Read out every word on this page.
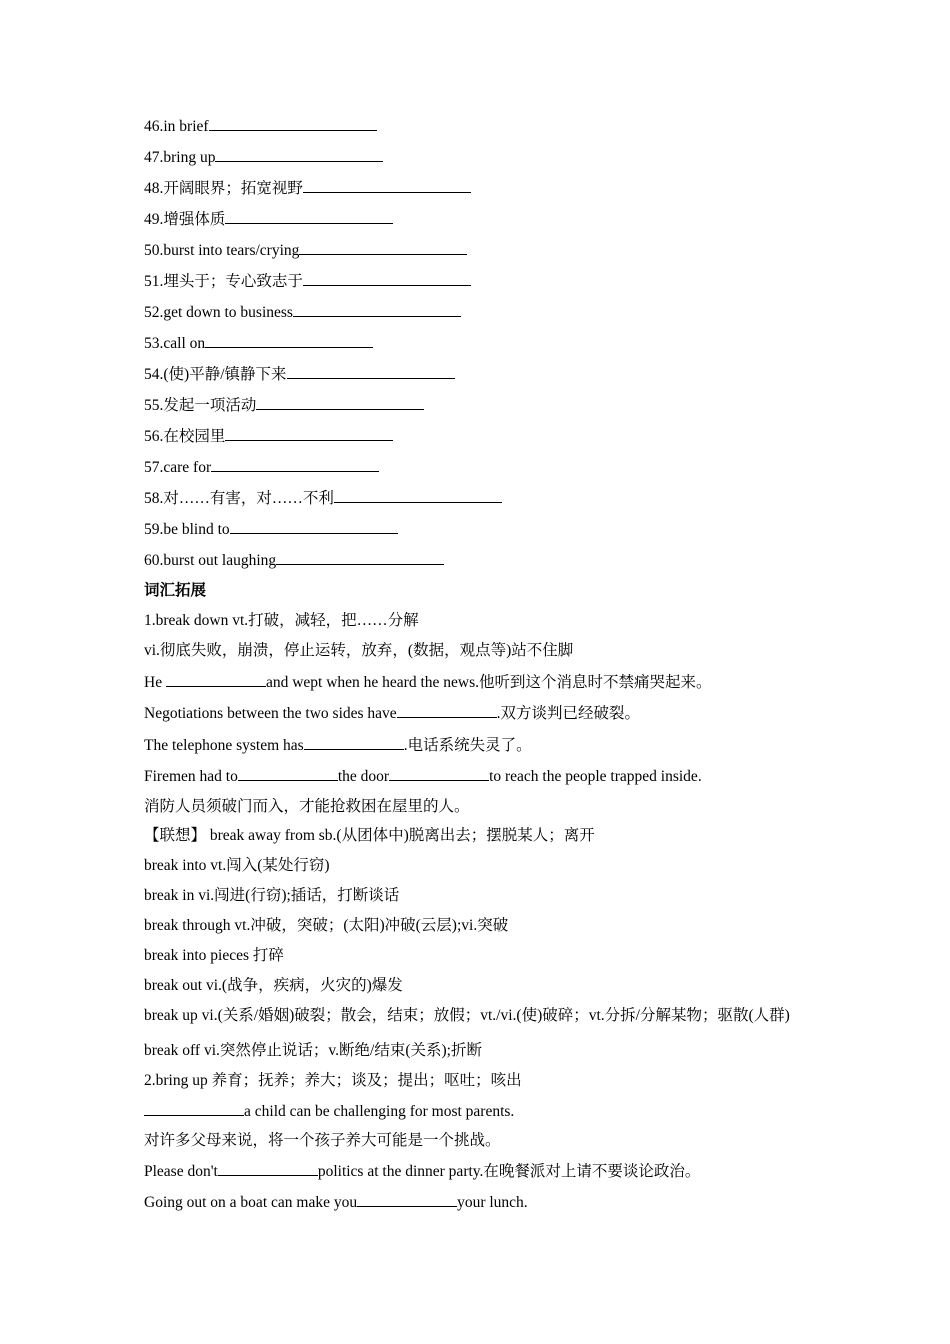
46.in brief
47.bring up
48.开阔眼界；拓宽视野
49.增强体质
50.burst into tears/crying
51.埋头于；专心致志于
52.get down to business
53.call on
54.(使)平静/镇静下来
55.发起一项活动
56.在校园里
57.care for
58.对……有害，对……不利
59.be blind to
60.burst out laughing
词汇拓展
1.break down vt.打破，减轻，把……分解
vi.彻底失败，崩溃，停止运转，放弃，(数据，观点等)站不住脚
He	and wept when he heard the news.他听到这个消息时不禁痛哭起来。
Negotiations between the two sides have	.双方谈判已经破裂。
The telephone system has	.电话系统失灵了。
Firemen had to	the door	to reach the people trapped inside.
消防人员须破门而入，才能抢救困在屋里的人。
【联想】 break away from sb.(从团体中)脱离出去；摆脱某人；离开
break into vt.闯入(某处行窃)
break in vi.闯进(行窃);插话，打断谈话
break through vt.冲破，突破；(太阳)冲破(云层);vi.突破
break into pieces 打碎
break out vi.(战争，疾病，火灾的)爆发
break up vi.(关系/婚姻)破裂；散会，结束；放假；vt./vi.(使)破碎；vt.分拆/分解某物；驱散(人群)
break off vi.突然停止说话；v.断绝/结束(关系);折断
2.bring up 养育；抚养；养大；谈及；提出；呕吐；咳出
a child can be challenging for most parents.
对许多父母来说，将一个孩子养大可能是一个挑战。
Please don't	politics at the dinner party.在晚餐派对上请不要谈论政治。
Going out on a boat can make you	your lunch.
